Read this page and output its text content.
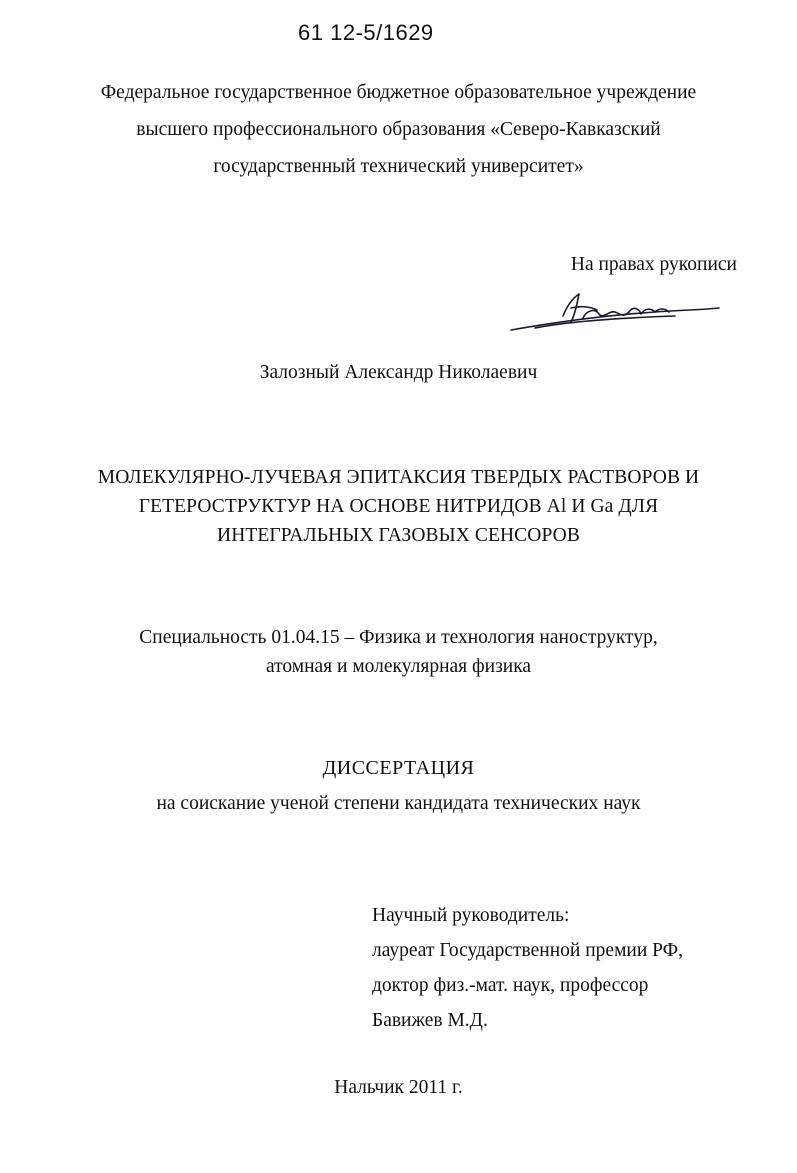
61 12-5/1629
Федеральное государственное бюджетное образовательное учреждение
высшего профессионального образования «Северо-Кавказский
государственный технический университет»
На правах рукописи
Залозный Александр Николаевич
МОЛЕКУЛЯРНО-ЛУЧЕВАЯ ЭПИТАКСИЯ ТВЕРДЫХ РАСТВОРОВ И
ГЕТЕРОСТРУКТУР НА ОСНОВЕ НИТРИДОВ Al И Ga ДЛЯ
ИНТЕГРАЛЬНЫХ ГАЗОВЫХ СЕНСОРОВ
Специальность 01.04.15 – Физика и технология наноструктур,
атомная и молекулярная физика
ДИССЕРТАЦИЯ
на соискание ученой степени кандидата технических наук
Научный руководитель:
лауреат Государственной премии РФ,
доктор физ.-мат. наук, профессор
Бавижев М.Д.
Нальчик 2011 г.
